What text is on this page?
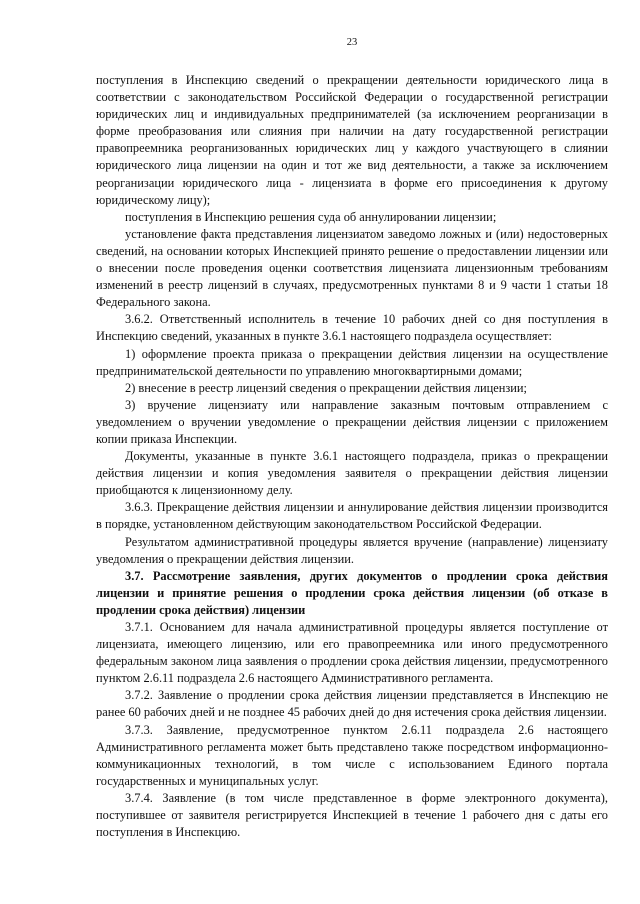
23

поступления в Инспекцию сведений о прекращении деятельности юридического лица в соответствии с законодательством Российской Федерации о государственной регистрации юридических лиц и индивидуальных предпринимателей (за исключением реорганизации в форме преобразования или слияния при наличии на дату государственной регистрации правопреемника реорганизованных юридических лиц у каждого участвующего в слиянии юридического лица лицензии на один и тот же вид деятельности, а также за исключением реорганизации юридического лица - лицензиата в форме его присоединения к другому юридическому лицу);

поступления в Инспекцию решения суда об аннулировании лицензии;

установление факта представления лицензиатом заведомо ложных и (или) недостоверных сведений, на основании которых Инспекцией принято решение о предоставлении лицензии или о внесении после проведения оценки соответствия лицензиата лицензионным требованиям изменений в реестр лицензий в случаях, предусмотренных пунктами 8 и 9 части 1 статьи 18 Федерального закона.

3.6.2. Ответственный исполнитель в течение 10 рабочих дней со дня поступления в Инспекцию сведений, указанных в пункте 3.6.1 настоящего подраздела осуществляет:

1) оформление проекта приказа о прекращении действия лицензии на осуществление предпринимательской деятельности по управлению многоквартирными домами;

2) внесение в реестр лицензий сведения о прекращении действия лицензии;

3) вручение лицензиату или направление заказным почтовым отправлением с уведомлением о вручении уведомление о прекращении действия лицензии с приложением копии приказа Инспекции.

Документы, указанные в пункте 3.6.1 настоящего подраздела, приказ о прекращении действия лицензии и копия уведомления заявителя о прекращении действия лицензии приобщаются к лицензионному делу.

3.6.3. Прекращение действия лицензии и аннулирование действия лицензии производится в порядке, установленном действующим законодательством Российской Федерации.

Результатом административной процедуры является вручение (направление) лицензиату уведомления о прекращении действия лицензии.

3.7. Рассмотрение заявления, других документов о продлении срока действия лицензии и принятие решения о продлении срока действия лицензии (об отказе в продлении срока действия) лицензии

3.7.1. Основанием для начала административной процедуры является поступление от лицензиата, имеющего лицензию, или его правопреемника или иного предусмотренного федеральным законом лица заявления о продлении срока действия лицензии, предусмотренного пунктом 2.6.11 подраздела 2.6 настоящего Административного регламента.

3.7.2. Заявление о продлении срока действия лицензии представляется в Инспекцию не ранее 60 рабочих дней и не позднее 45 рабочих дней до дня истечения срока действия лицензии.

3.7.3. Заявление, предусмотренное пунктом 2.6.11 подраздела 2.6 настоящего Административного регламента может быть представлено также посредством информационно-коммуникационных технологий, в том числе с использованием Единого портала государственных и муниципальных услуг.

3.7.4. Заявление (в том числе представленное в форме электронного документа), поступившее от заявителя регистрируется Инспекцией в течение 1 рабочего дня с даты его поступления в Инспекцию.
